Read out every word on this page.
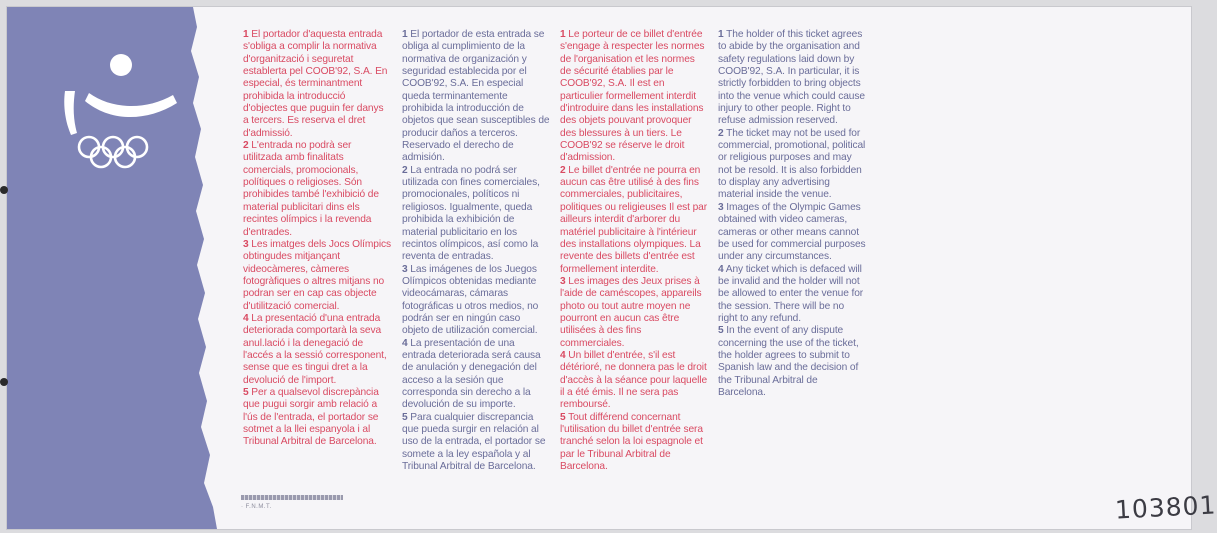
1 El portador d'aquesta entrada s'obliga a complir la normativa d'organització i seguretat establerta pel COOB'92, S.A. En especial, és terminantment prohibida la introducció d'objectes que puguin fer danys a tercers. Es reserva el dret d'admissió.

2 L'entrada no podrà ser utilitzada amb finalitats comercials, promocionals, polítiques o religioses. Són prohibides també l'exhibició de material publicitari dins els recintes olímpics i la revenda d'entrades.

3 Les imatges dels Jocs Olímpics obtingudes mitjançant videocàmeres, càmeres fotogràfiques o altres mitjans no podran ser en cap cas objecte d'utilització comercial.

4 La presentació d'una entrada deteriorada comportarà la seva anul.lació i la denegació de l'accés a la sessió corresponent, sense que es tingui dret a la devolució de l'import.

5 Per a qualsevol discrepància que pugui sorgir amb relació a l'ús de l'entrada, el portador se sotmet a la llei espanyola i al Tribunal Arbitral de Barcelona.

1 El portador de esta entrada se obliga al cumplimiento de la normativa de organización y seguridad establecida por el COOB'92, S.A. En especial queda terminantemente prohibida la introducción de objetos que sean susceptibles de producir daños a terceros. Reservado el derecho de admisión.

2 La entrada no podrá ser utilizada con fines comerciales, promocionales, políticos ni religiosos. Igualmente, queda prohibida la exhibición de material publicitario en los recintos olímpicos, así como la reventa de entradas.

3 Las imágenes de los Juegos Olímpicos obtenidas mediante videocámaras, cámaras fotográficas u otros medios, no podrán ser en ningún caso objeto de utilización comercial.

4 La presentación de una entrada deteriorada será causa de anulación y denegación del acceso a la sesión que corresponda sin derecho a la devolución de su importe.

5 Para cualquier discrepancia que pueda surgir en relación al uso de la entrada, el portador se somete a la ley española y al Tribunal Arbitral de Barcelona.

1 Le porteur de ce billet d'entrée s'engage à respecter les normes de l'organisation et les normes de sécurité établies par le COOB'92, S.A. Il est en particulier formellement interdit d'introduire dans les installations des objets pouvant provoquer des blessures à un tiers. Le COOB'92 se réserve le droit d'admission.

2 Le billet d'entrée ne pourra en aucun cas être utilisé à des fins commerciales, publicitaires, politiques ou religieuses Il est par ailleurs interdit d'arborer du matériel publicitaire à l'intérieur des installations olympiques. La revente des billets d'entrée est formellement interdite.

3 Les images des Jeux prises à l'aide de caméscopes, appareils photo ou tout autre moyen ne pourront en aucun cas être utilisées à des fins commerciales.

4 Un billet d'entrée, s'il est détérioré, ne donnera pas le droit d'accès à la séance pour laquelle il a été émis. Il ne sera pas remboursé.

5 Tout différend concernant l'utilisation du billet d'entrée sera tranché selon la loi espagnole et par le Tribunal Arbitral de Barcelona.

1 The holder of this ticket agrees to abide by the organisation and safety regulations laid down by COOB'92, S.A. In particular, it is strictly forbidden to bring objects into the venue which could cause injury to other people. Right to refuse admission reserved.

2 The ticket may not be used for commercial, promotional, political or religious purposes and may not be resold. It is also forbidden to display any advertising material inside the venue.

3 Images of the Olympic Games obtained with video cameras, cameras or other means cannot be used for commercial purposes under any circumstances.

4 Any ticket which is defaced will be invalid and the holder will not be allowed to enter the venue for the session. There will be no right to any refund.

5 In the event of any dispute concerning the use of the ticket, the holder agrees to submit to Spanish law and the decision of the Tribunal Arbitral de Barcelona.

· F.N.M.T.	103801
